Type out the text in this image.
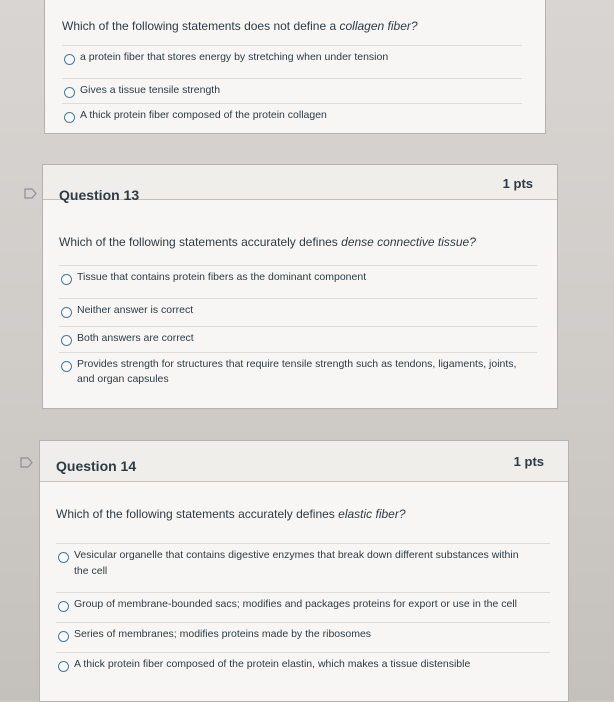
Which of the following statements does not define a collagen fiber?
a protein fiber that stores energy by stretching when under tension
Gives a tissue tensile strength
A thick protein fiber composed of the protein collagen
Question 13
1 pts
Which of the following statements accurately defines dense connective tissue?
Tissue that contains protein fibers as the dominant component
Neither answer is correct
Both answers are correct
Provides strength for structures that require tensile strength such as tendons, ligaments, joints,
and organ capsules
Question 14	1 pts
Which of the following statements accurately defines elastic fiber?
Vesicular organelle that contains digestive enzymes that break down different substances within
the cell
Group of membrane-bounded sacs; modifies and packages proteins for export or use in the cell
Series of membranes; modifies proteins made by the ribosomes
A thick protein fiber composed of the protein elastin, which makes a tissue distensible
